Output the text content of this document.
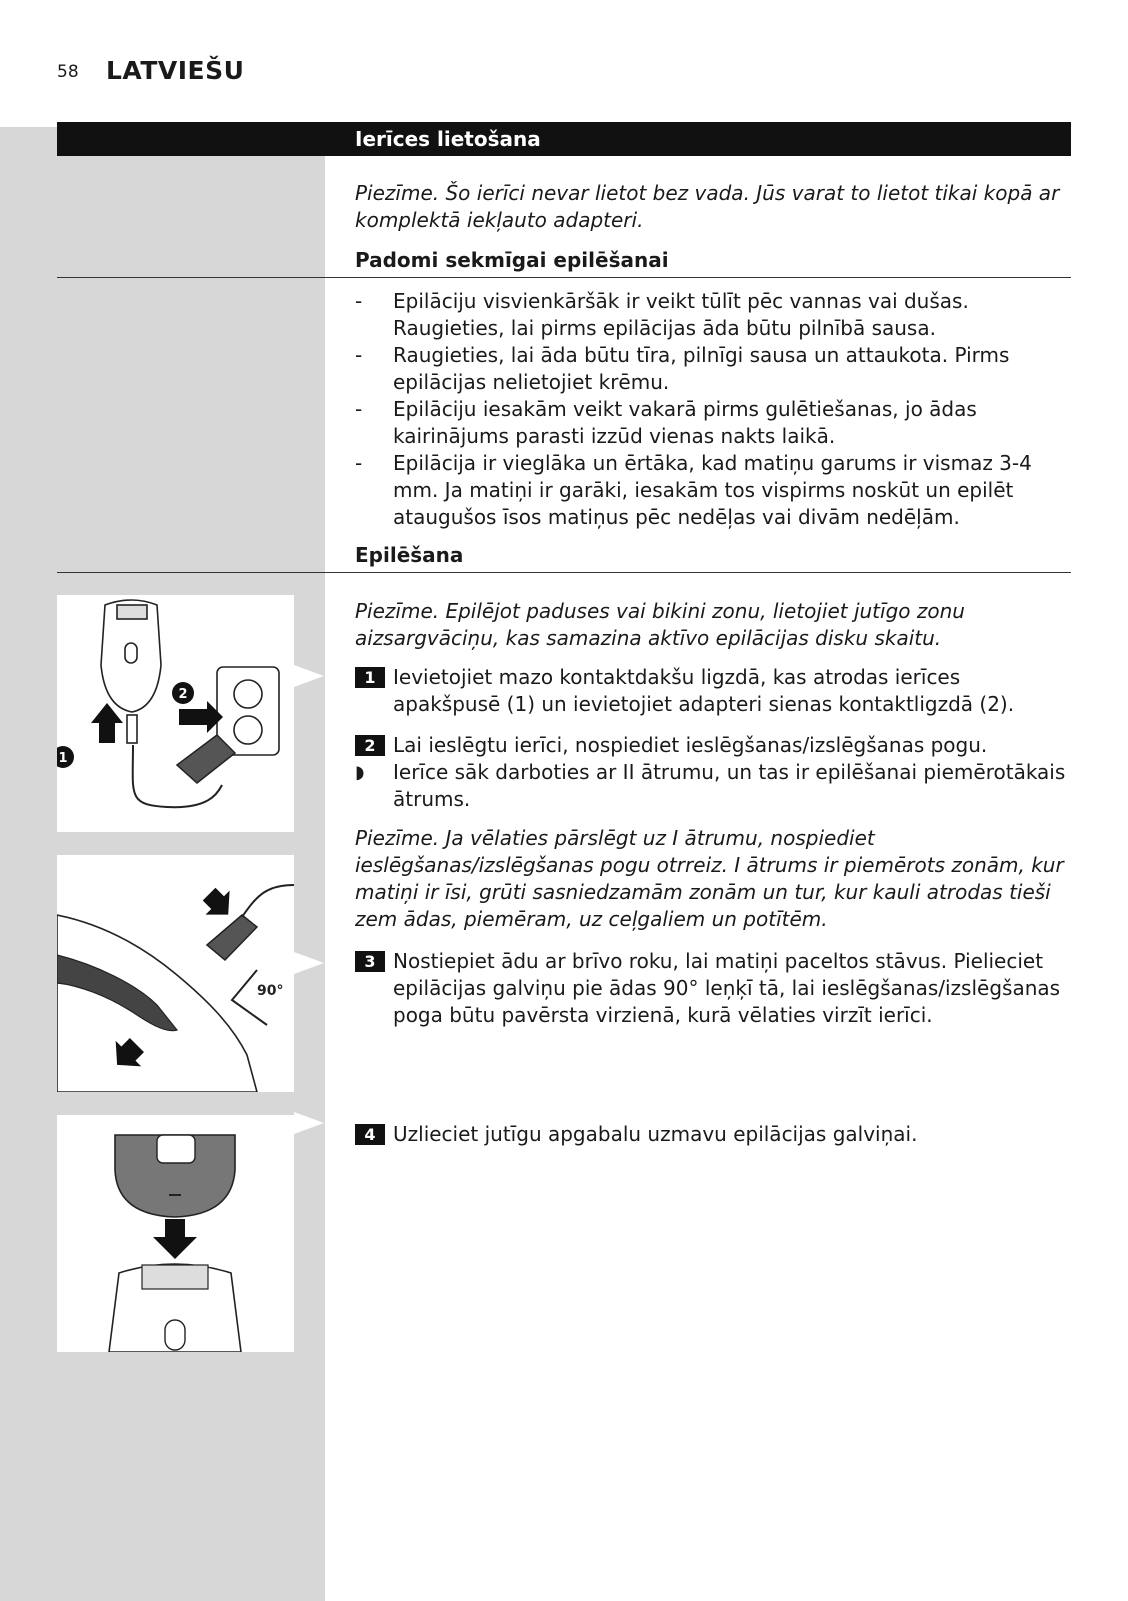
58 LATVIEŠU
Ierīces lietošana
Piezīme. Šo ierīci nevar lietot bez vada. Jūs varat to lietot tikai kopā ar komplektā iekļauto adapteri.
Padomi sekmīgai epilēšanai
- Epilāciju visvienkāršāk ir veikt tūlīt pēc vannas vai dušas. Raugieties, lai pirms epilācijas āda būtu pilnībā sausa.
- Raugieties, lai āda būtu tīra, pilnīgi sausa un attaukota. Pirms epilācijas nelietojiet krēmu.
- Epilāciju iesakām veikt vakarā pirms gulētiešanas, jo ādas kairinājums parasti izzūd vienas nakts laikā.
- Epilācija ir vieglāka un ērtāka, kad matiņu garums ir vismaz 3-4 mm. Ja matiņi ir garāki, iesakām tos vispirms noskūt un epilēt ataugušos īsos matiņus pēc nedēļas vai divām nedēļām.
Epilēšana
Piezīme. Epilējot paduses vai bikini zonu, lietojiet jutīgo zonu aizsargvāciņu, kas samazina aktīvo epilācijas disku skaitu.
1 Ievietojiet mazo kontaktdakšu ligzdā, kas atrodas ierīces apakšpusē (1) un ievietojiet adapteri sienas kontaktligzdā (2).
2 Lai ieslēgtu ierīci, nospiediet ieslēgšanas/izslēgšanas pogu.
◗ Ierīce sāk darboties ar II ātrumu, un tas ir epilēšanai piemērotākais ātrums.
Piezīme. Ja vēlaties pārslēgt uz I ātrumu, nospiediet ieslēgšanas/izslēgšanas pogu otrreiz. I ātrums ir piemērots zonām, kur matiņi ir īsi, grūti sasniedzamām zonām un tur, kur kauli atrodas tieši zem ādas, piemēram, uz ceļgaliem un potītēm.
3 Nostiepiet ādu ar brīvo roku, lai matiņi paceltos stāvus. Pielieciet epilācijas galviņu pie ādas 90° leņķī tā, lai ieslēgšanas/izslēgšanas poga būtu pavērsta virzienā, kurā vēlaties virzīt ierīci.
4 Uzlieciet jutīgu apgabalu uzmavu epilācijas galviņai.
2
1
90°
